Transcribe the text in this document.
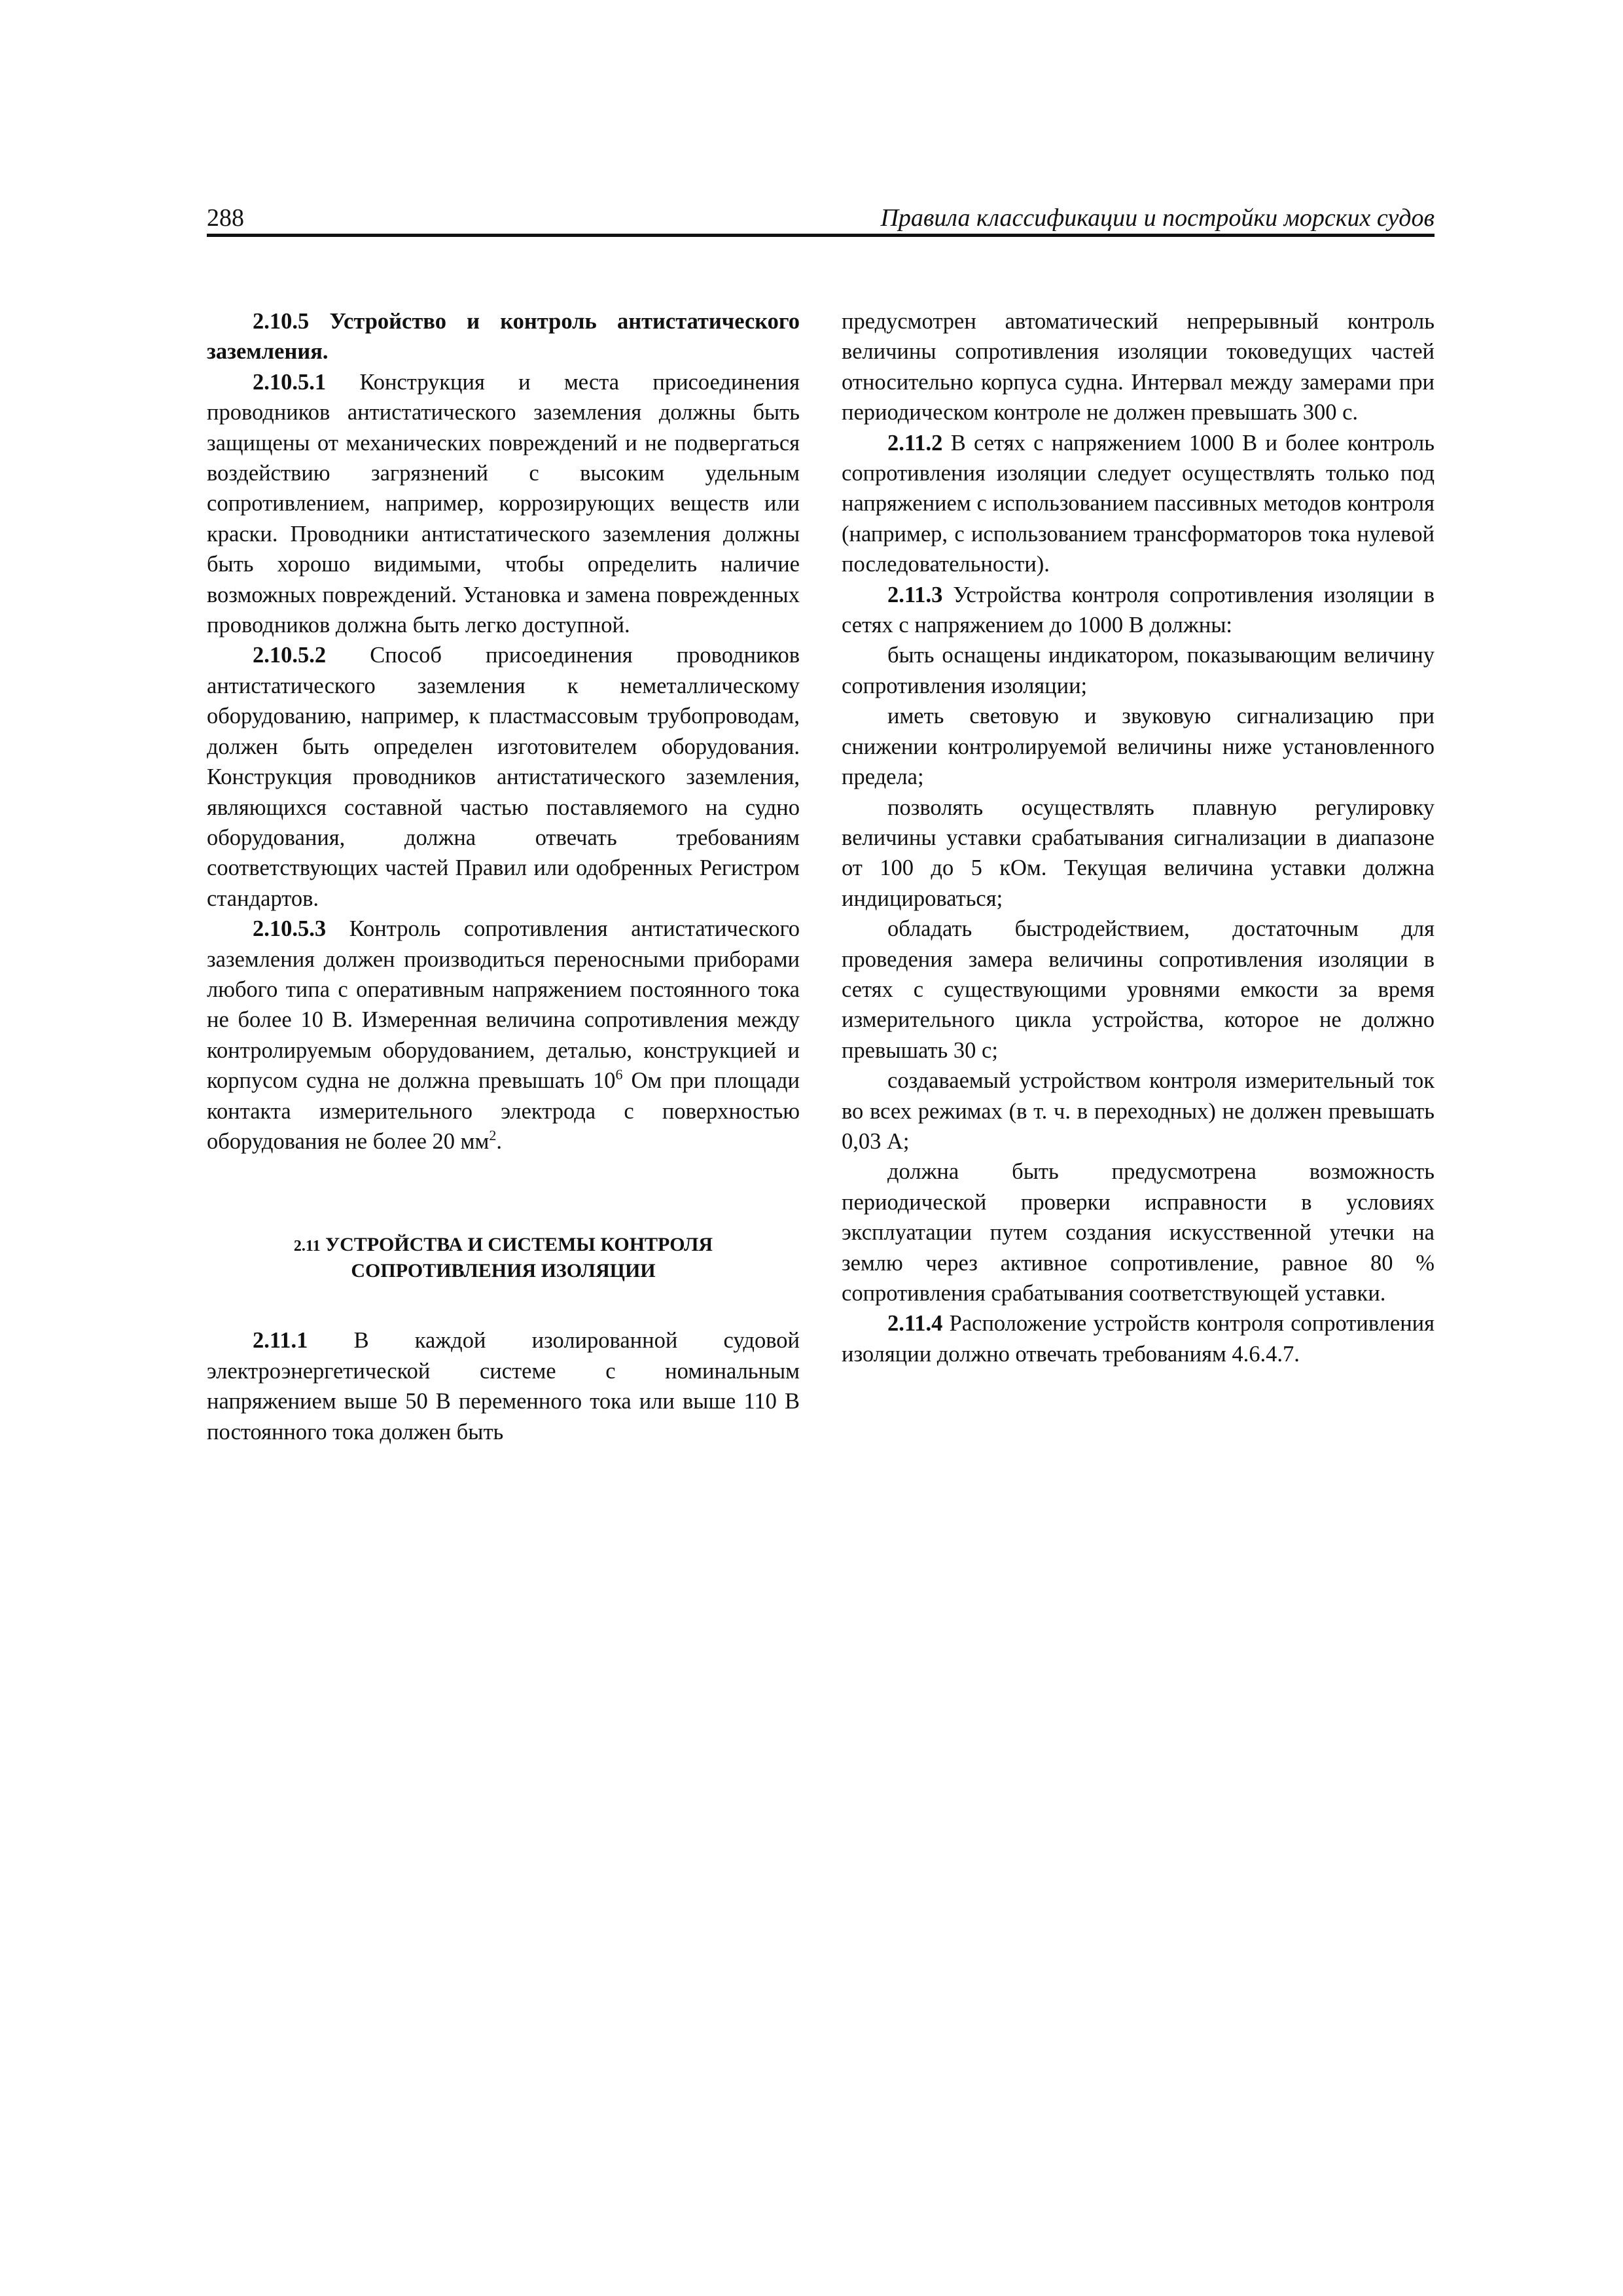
288	Правила классификации и постройки морских судов

2.10.5 Устройство и контроль антистатического заземления.

2.10.5.1 Конструкция и места присоединения проводников антистатического заземления должны быть защищены от механических повреждений и не подвергаться воздействию загрязнений с высоким удельным сопротивлением, например, коррозирующих веществ или краски. Проводники антистатического заземления должны быть хорошо видимыми, чтобы определить наличие возможных повреждений. Установка и замена поврежденных проводников должна быть легко доступной.

2.10.5.2 Способ присоединения проводников антистатического заземления к неметаллическому оборудованию, например, к пластмассовым трубопроводам, должен быть определен изготовителем оборудования. Конструкция проводников антистатического заземления, являющихся составной частью поставляемого на судно оборудования, должна отвечать требованиям соответствующих частей Правил или одобренных Регистром стандартов.

2.10.5.3 Контроль сопротивления антистатического заземления должен производиться переносными приборами любого типа с оперативным напряжением постоянного тока не более 10 В. Измеренная величина сопротивления между контролируемым оборудованием, деталью, конструкцией и корпусом судна не должна превышать $10^6$ Ом при площади контакта измерительного электрода с поверхностью оборудования не более 20 $мм^2$.

2.11 УСТРОЙСТВА И СИСТЕМЫ КОНТРОЛЯ
СОПРОТИВЛЕНИЯ ИЗОЛЯЦИИ

2.11.1 В каждой изолированной судовой электроэнергетической системе с номинальным напряжением выше 50 В переменного тока или выше 110 В постоянного тока должен быть

предусмотрен автоматический непрерывный контроль величины сопротивления изоляции токоведущих частей относительно корпуса судна. Интервал между замерами при периодическом контроле не должен превышать 300 с.

2.11.2 В сетях с напряжением 1000 В и более контроль сопротивления изоляции следует осуществлять только под напряжением с использованием пассивных методов контроля (например, с использованием трансформаторов тока нулевой последовательности).

2.11.3 Устройства контроля сопротивления изоляции в сетях с напряжением до 1000 В должны:

быть оснащены индикатором, показывающим величину сопротивления изоляции;

иметь световую и звуковую сигнализацию при снижении контролируемой величины ниже установленного предела;

позволять осуществлять плавную регулировку величины уставки срабатывания сигнализации в диапазоне от 100 до 5 кОм. Текущая величина уставки должна индицироваться;

обладать быстродействием, достаточным для проведения замера величины сопротивления изоляции в сетях с существующими уровнями емкости за время измерительного цикла устройства, которое не должно превышать 30 с;

создаваемый устройством контроля измерительный ток во всех режимах (в т. ч. в переходных) не должен превышать 0,03 А;

должна быть предусмотрена возможность периодической проверки исправности в условиях эксплуатации путем создания искусственной утечки на землю через активное сопротивление, равное 80 % сопротивления срабатывания соответствующей уставки.

2.11.4 Расположение устройств контроля сопротивления изоляции должно отвечать требованиям 4.6.4.7.
